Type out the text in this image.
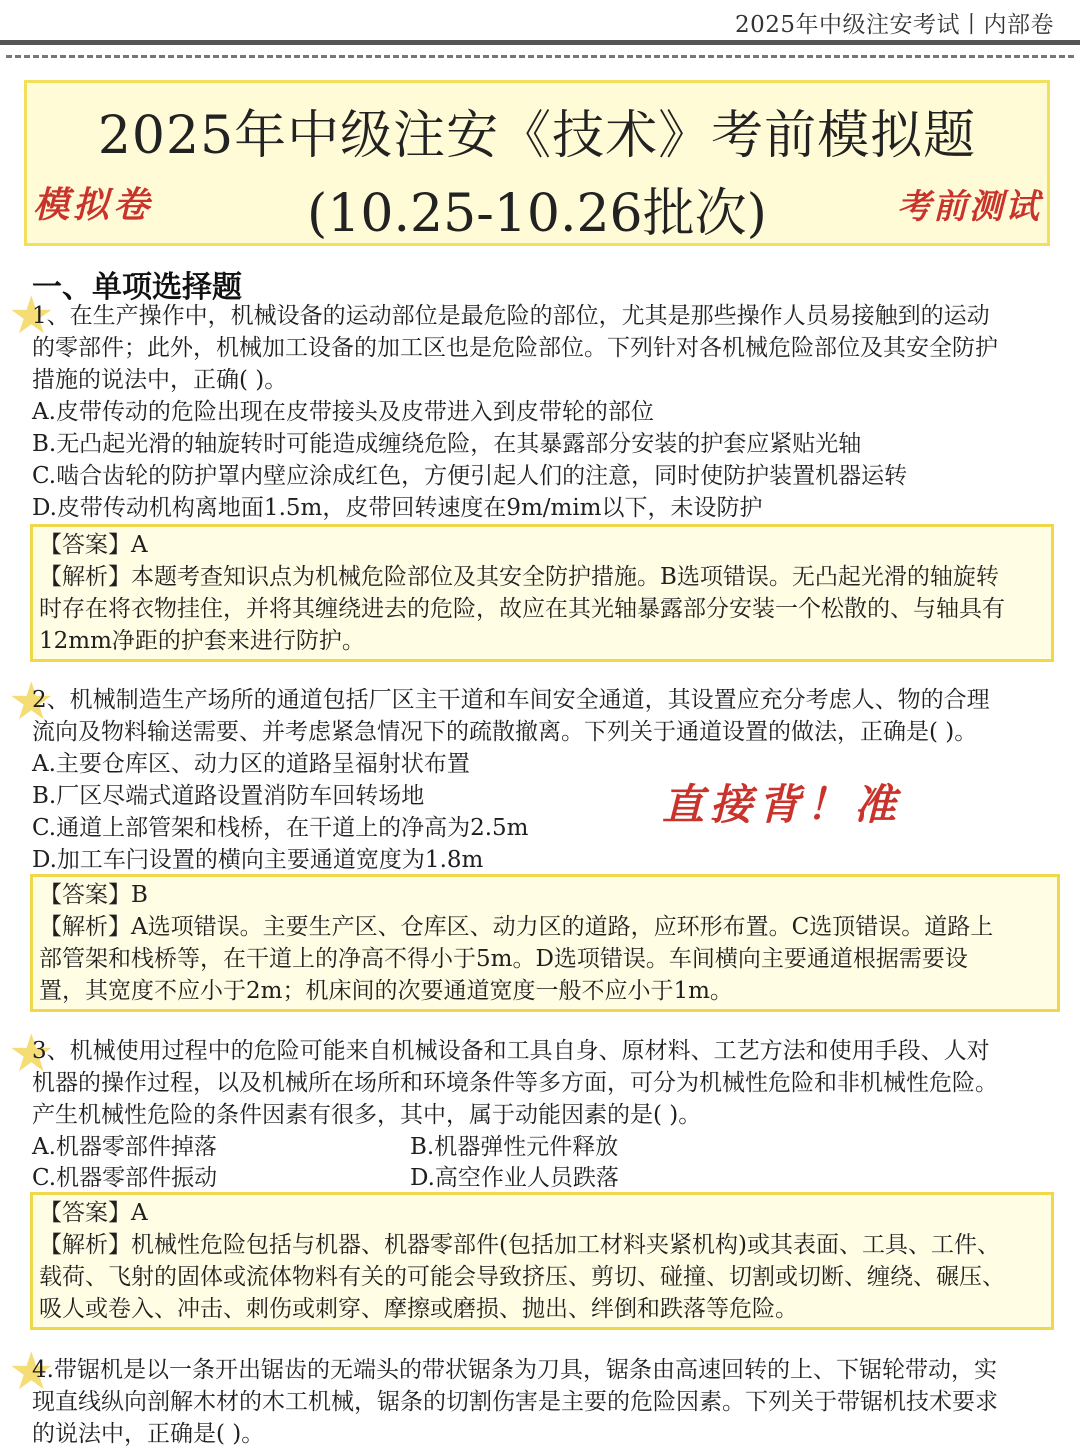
2025年中级注安考试丨内部卷
2025年中级注安《技术》考前模拟题
(10.25-10.26批次)
模拟卷	考前测试
一、单项选择题
★
1、在生产操作中，机械设备的运动部位是最危险的部位，尤其是那些操作人员易接触到的运动
的零部件；此外，机械加工设备的加工区也是危险部位。下列针对各机械危险部位及其安全防护
措施的说法中，正确( )。
A.皮带传动的危险出现在皮带接头及皮带进入到皮带轮的部位
B.无凸起光滑的轴旋转时可能造成缠绕危险，在其暴露部分安装的护套应紧贴光轴
C.啮合齿轮的防护罩内壁应涂成红色，方便引起人们的注意，同时使防护装置机器运转
D.皮带传动机构离地面1.5m，皮带回转速度在9m/mim以下，未设防护
【答案】A
【解析】本题考查知识点为机械危险部位及其安全防护措施。B选项错误。无凸起光滑的轴旋转
时存在将衣物挂住，并将其缠绕进去的危险，故应在其光轴暴露部分安装一个松散的、与轴具有
12mm净距的护套来进行防护。
★
2、机械制造生产场所的通道包括厂区主干道和车间安全通道，其设置应充分考虑人、物的合理
流向及物料输送需要、并考虑紧急情况下的疏散撤离。下列关于通道设置的做法，正确是( )。
A.主要仓库区、动力区的道路呈福射状布置
B.厂区尽端式道路设置消防车回转场地
C.通道上部管架和栈桥，在干道上的净高为2.5m
D.加工车闩设置的横向主要通道宽度为1.8m
直接背！准
【答案】B
【解析】A选项错误。主要生产区、仓库区、动力区的道路，应环形布置。C选顶错误。道路上
部管架和栈桥等，在干道上的净高不得小于5m。D选项错误。车间横向主要通道根据需要设
置，其宽度不应小于2m；机床间的次要通道宽度一般不应小于1m。
★
3、机械使用过程中的危险可能来自机械设备和工具自身、原材料、工艺方法和使用手段、人对
机器的操作过程，以及机械所在场所和环境条件等多方面，可分为机械性危险和非机械性危险。
产生机械性危险的条件因素有很多，其中，属于动能因素的是( )。
A.机器零部件掉落	B.机器弹性元件释放
C.机器零部件振动	D.高空作业人员跌落
【答案】A
【解析】机械性危险包括与机器、机器零部件(包括加工材料夹紧机构)或其表面、工具、工件、
载荷、飞射的固体或流体物料有关的可能会导致挤压、剪切、碰撞、切割或切断、缠绕、碾压、
吸人或卷入、冲击、刺伤或刺穿、摩擦或磨损、抛出、绊倒和跌落等危险。
★
4.带锯机是以一条开出锯齿的无端头的带状锯条为刀具，锯条由高速回转的上、下锯轮带动，实
现直线纵向剖解木材的木工机械，锯条的切割伤害是主要的危险因素。下列关于带锯机技术要求
的说法中，正确是( )。
